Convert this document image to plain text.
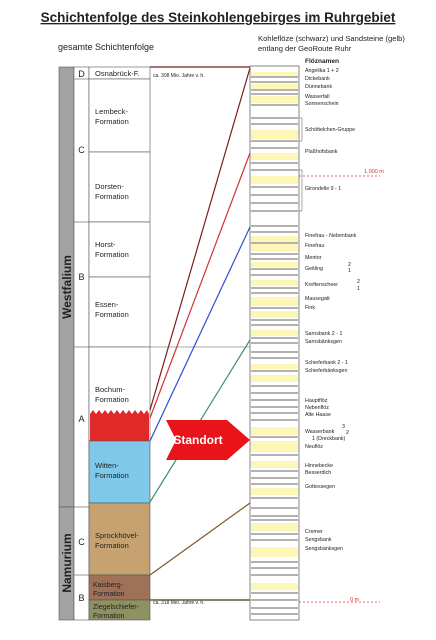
Schichtenfolge des Steinkohlengebirges im Ruhrgebiet
gesamte Schichtenfolge
Kohleflöze (schwarz) und Sandsteine (gelb)
entlang der GeoRoute Ruhr
Flöznamen
Westfalium
Namurium
D
C
B
A
C
B
Osnabrück-F.
Lembeck-Formation
Dorsten-Formation
Horst-Formation
Essen-Formation
Bochum-Formation
Witten-Formation
Sprockhövel-Formation
Kaisberg-Formation
Ziegelschiefer-Formation
ca. 308 Mio. Jahre v. h.
ca. 318 Mio. Jahre v. h.
Standort
1.000 m
0 m
Angelika 1 + 2
Dickebank
Dünnebank
Wasserfall
Sonnenschein
Schöttelchen-Gruppe
Plaßhofsbank
Girondelle 9 - 1
Finefrau - Nebenbank
Finefrau
Mentor
Geitling
Kreftenscheer
Mausegatt
Fink
Sarnsbank 2 - 1
Sarnsbänksgen
Schieferbank 2 - 1
Schieferbänksgen
Hauptflöz
Nebenflöz
Alte Haase
Wasserbank
1 (Dreckbank)
Neuflöz
Hinnebecke
Besserdich
Gottessegen
Cremer
Sengsbank
Sengsbänksgen
2
1
2
1
3
2
